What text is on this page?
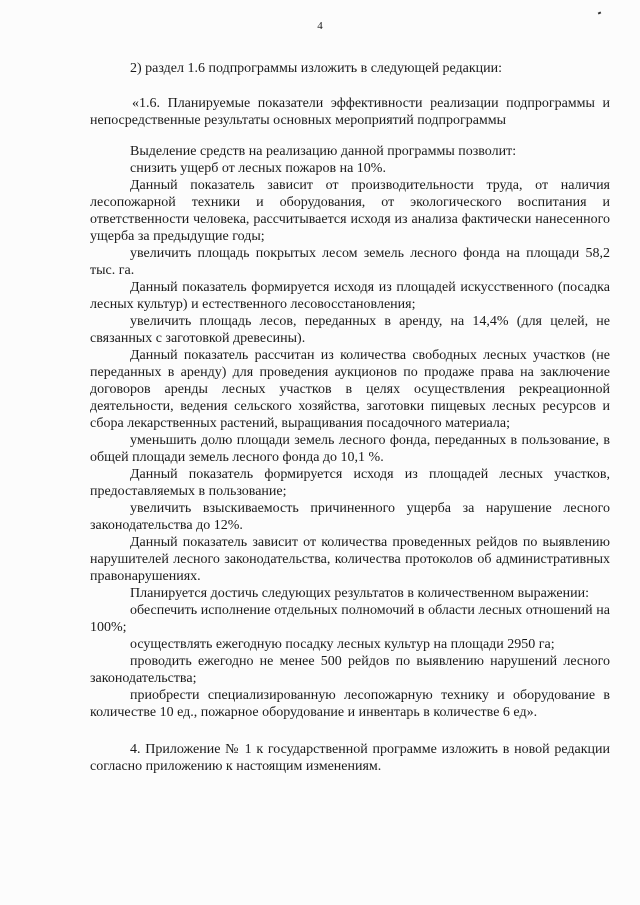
4

2) раздел 1.6 подпрограммы изложить в следующей редакции:

«1.6. Планируемые показатели эффективности реализации подпрограммы и непосредственные результаты основных мероприятий подпрограммы

Выделение средств на реализацию данной программы позволит:

снизить ущерб от лесных пожаров на 10%.

Данный показатель зависит от производительности труда, от наличия лесопожарной техники и оборудования, от экологического воспитания и ответственности человека, рассчитывается исходя из анализа фактически нанесенного ущерба за предыдущие годы;

увеличить площадь покрытых лесом земель лесного фонда на площади 58,2 тыс. га.

Данный показатель формируется исходя из площадей искусственного (посадка лесных культур) и естественного лесовосстановления;

увеличить площадь лесов, переданных в аренду, на 14,4% (для целей, не связанных с заготовкой древесины).

Данный показатель рассчитан из количества свободных лесных участков (не переданных в аренду) для проведения аукционов по продаже права на заключение договоров аренды лесных участков в целях осуществления рекреационной деятельности, ведения сельского хозяйства, заготовки пищевых лесных ресурсов и сбора лекарственных растений, выращивания посадочного материала;

уменьшить долю площади земель лесного фонда, переданных в пользование, в общей площади земель лесного фонда до 10,1 %.

Данный показатель формируется исходя из площадей лесных участков, предоставляемых в пользование;

увеличить взыскиваемость причиненного ущерба за нарушение лесного законодательства до 12%.

Данный показатель зависит от количества проведенных рейдов по выявлению нарушителей лесного законодательства, количества протоколов об административных правонарушениях.

Планируется достичь следующих результатов в количественном выражении:

обеспечить исполнение отдельных полномочий в области лесных отношений на 100%;

осуществлять ежегодную посадку лесных культур на площади 2950 га;

проводить ежегодно не менее 500 рейдов по выявлению нарушений лесного законодательства;

приобрести специализированную лесопожарную технику и оборудование в количестве 10 ед., пожарное оборудование и инвентарь в количестве 6 ед».

4. Приложение № 1 к государственной программе изложить в новой редакции согласно приложению к настоящим изменениям.
